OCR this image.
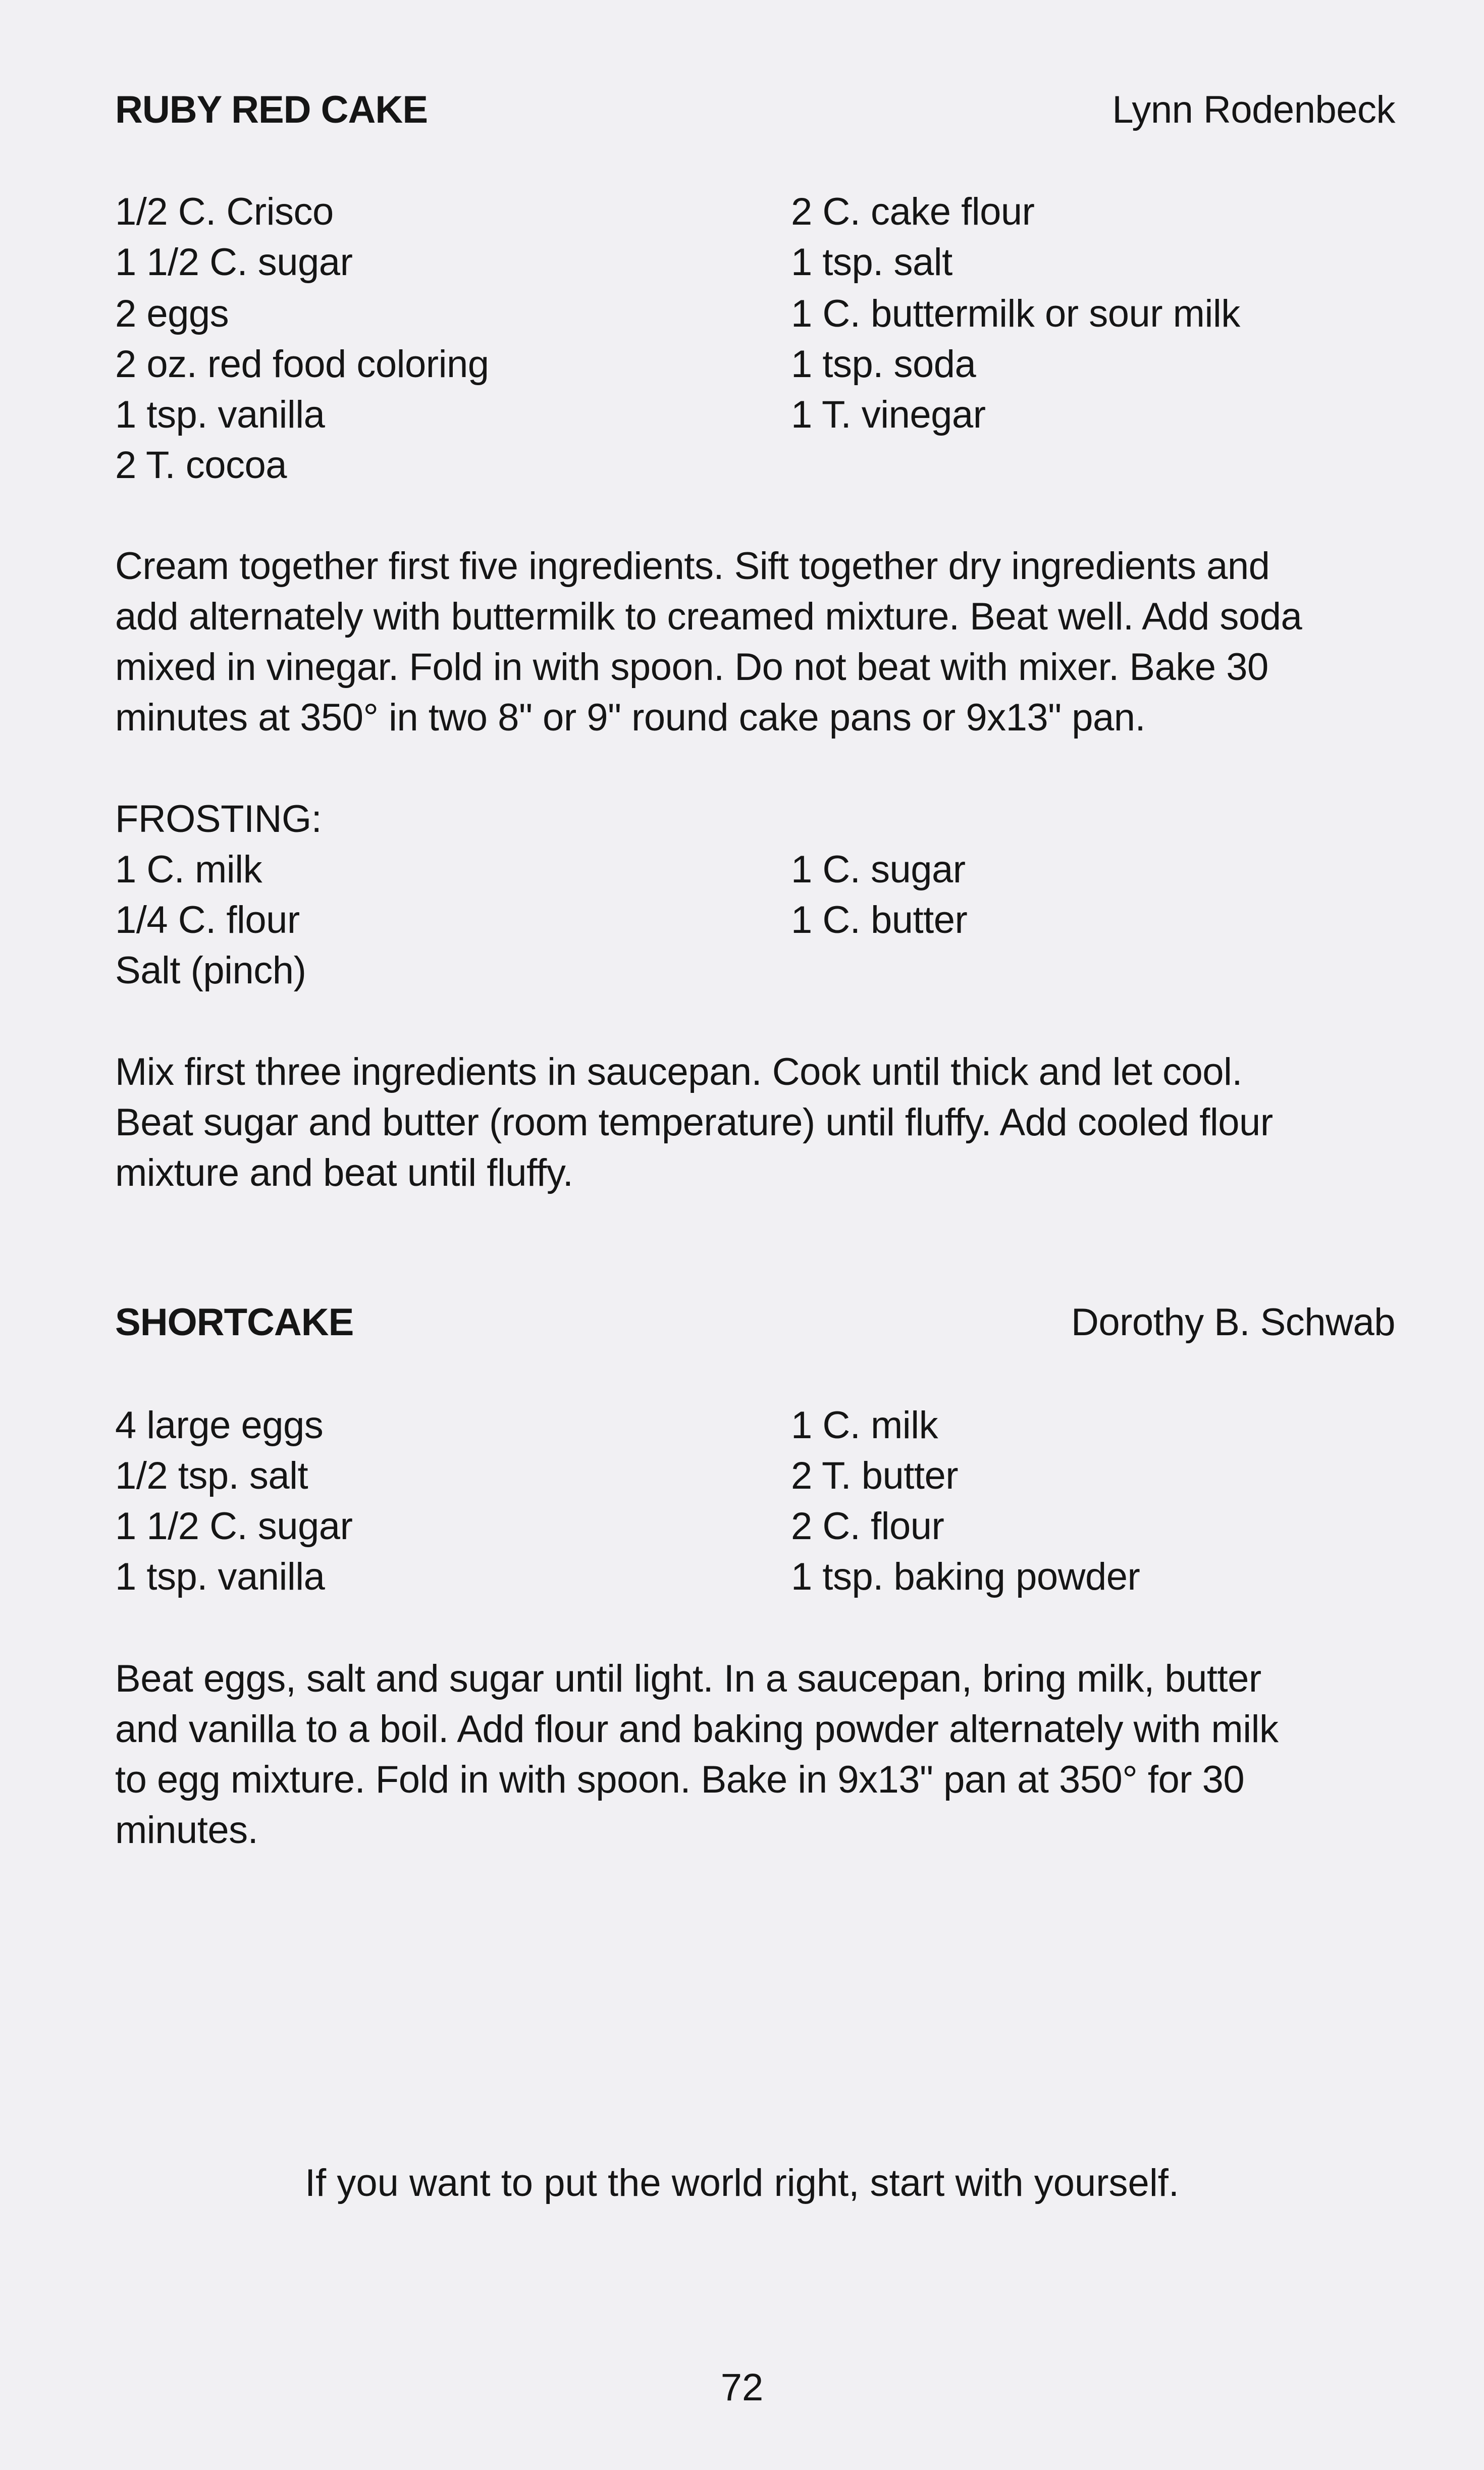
RUBY RED CAKE	Lynn Rodenbeck
1/2 C. Crisco
1 1/2 C. sugar
2 eggs
2 oz. red food coloring
1 tsp. vanilla
2 T. cocoa
2 C. cake flour
1 tsp. salt
1 C. buttermilk or sour milk
1 tsp. soda
1 T. vinegar
Cream together first five ingredients. Sift together dry ingredients and
add alternately with buttermilk to creamed mixture. Beat well. Add soda
mixed in vinegar. Fold in with spoon. Do not beat with mixer. Bake 30
minutes at 350° in two 8" or 9" round cake pans or 9x13" pan.
FROSTING:
1 C. milk
1/4 C. flour
Salt (pinch)
1 C. sugar
1 C. butter
Mix first three ingredients in saucepan. Cook until thick and let cool.
Beat sugar and butter (room temperature) until fluffy. Add cooled flour
mixture and beat until fluffy.
SHORTCAKE	Dorothy B. Schwab
4 large eggs
1/2 tsp. salt
1 1/2 C. sugar
1 tsp. vanilla
1 C. milk
2 T. butter
2 C. flour
1 tsp. baking powder
Beat eggs, salt and sugar until light. In a saucepan, bring milk, butter
and vanilla to a boil. Add flour and baking powder alternately with milk
to egg mixture. Fold in with spoon. Bake in 9x13" pan at 350° for 30
minutes.
If you want to put the world right, start with yourself.
72
